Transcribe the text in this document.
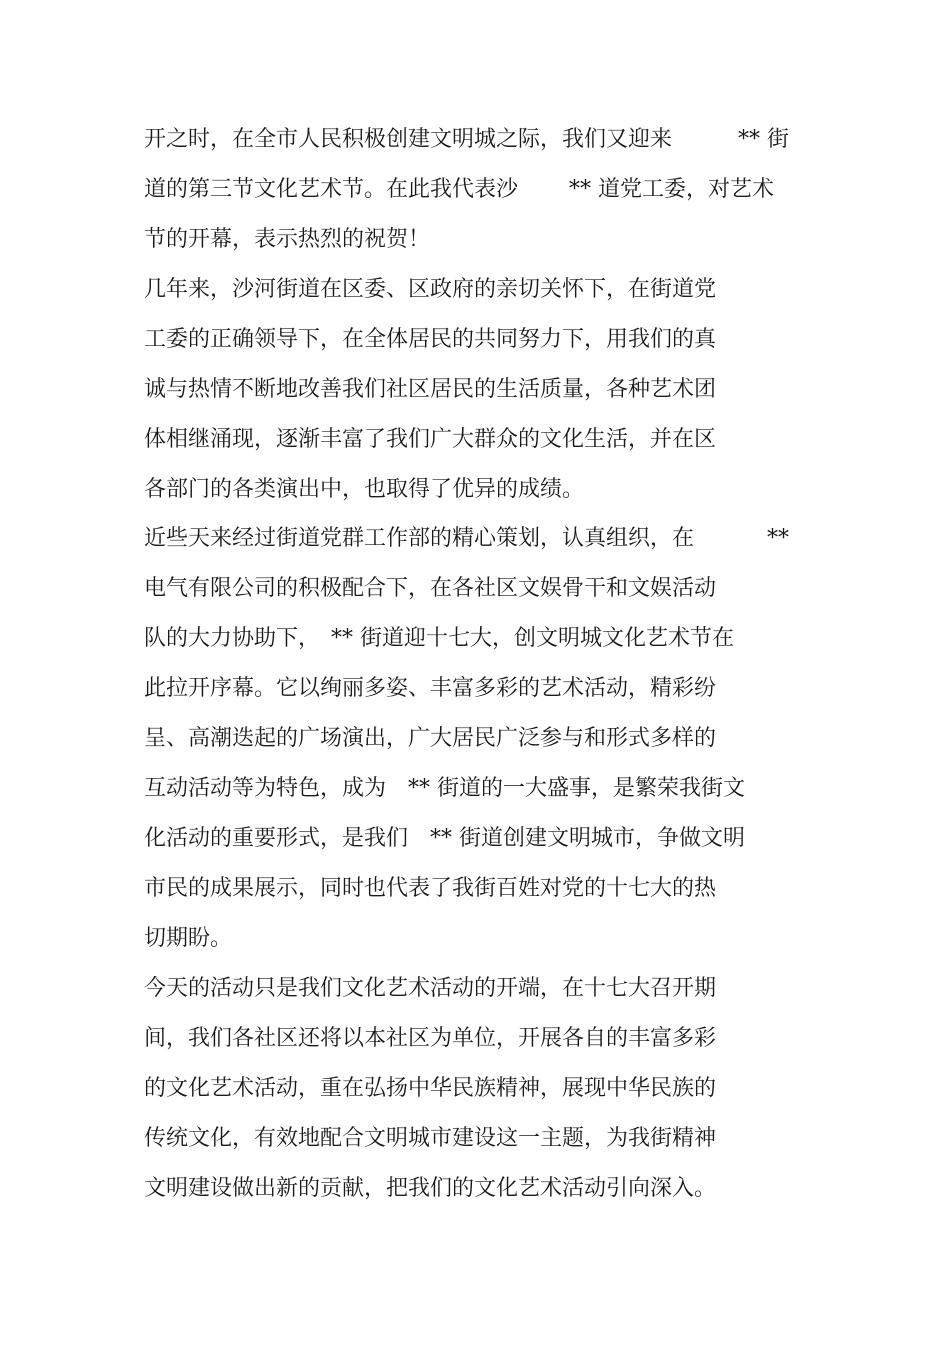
开之时，在全市人民积极创建文明城之际，我们又迎来　　　** 街
道的第三节文化艺术节。在此我代表沙　　 ** 道党工委，对艺术
节的开幕，表示热烈的祝贺！
几年来，沙河街道在区委、区政府的亲切关怀下，在街道党
工委的正确领导下，在全体居民的共同努力下，用我们的真
诚与热情不断地改善我们社区居民的生活质量，各种艺术团
体相继涌现，逐渐丰富了我们广大群众的文化生活，并在区
各部门的各类演出中，也取得了优异的成绩。
近些天来经过街道党群工作部的精心策划，认真组织，在　　　 **
电气有限公司的积极配合下，在各社区文娱骨干和文娱活动
队的大力协助下，　** 街道迎十七大，创文明城文化艺术节在
此拉开序幕。它以绚丽多姿、丰富多彩的艺术活动，精彩纷
呈、高潮迭起的广场演出，广大居民广泛参与和形式多样的
互动活动等为特色，成为　** 街道的一大盛事，是繁荣我街文
化活动的重要形式，是我们　** 街道创建文明城市，争做文明
市民的成果展示，同时也代表了我街百姓对党的十七大的热
切期盼。
今天的活动只是我们文化艺术活动的开端，在十七大召开期
间，我们各社区还将以本社区为单位，开展各自的丰富多彩
的文化艺术活动，重在弘扬中华民族精神，展现中华民族的
传统文化，有效地配合文明城市建设这一主题，为我街精神
文明建设做出新的贡献，把我们的文化艺术活动引向深入。
